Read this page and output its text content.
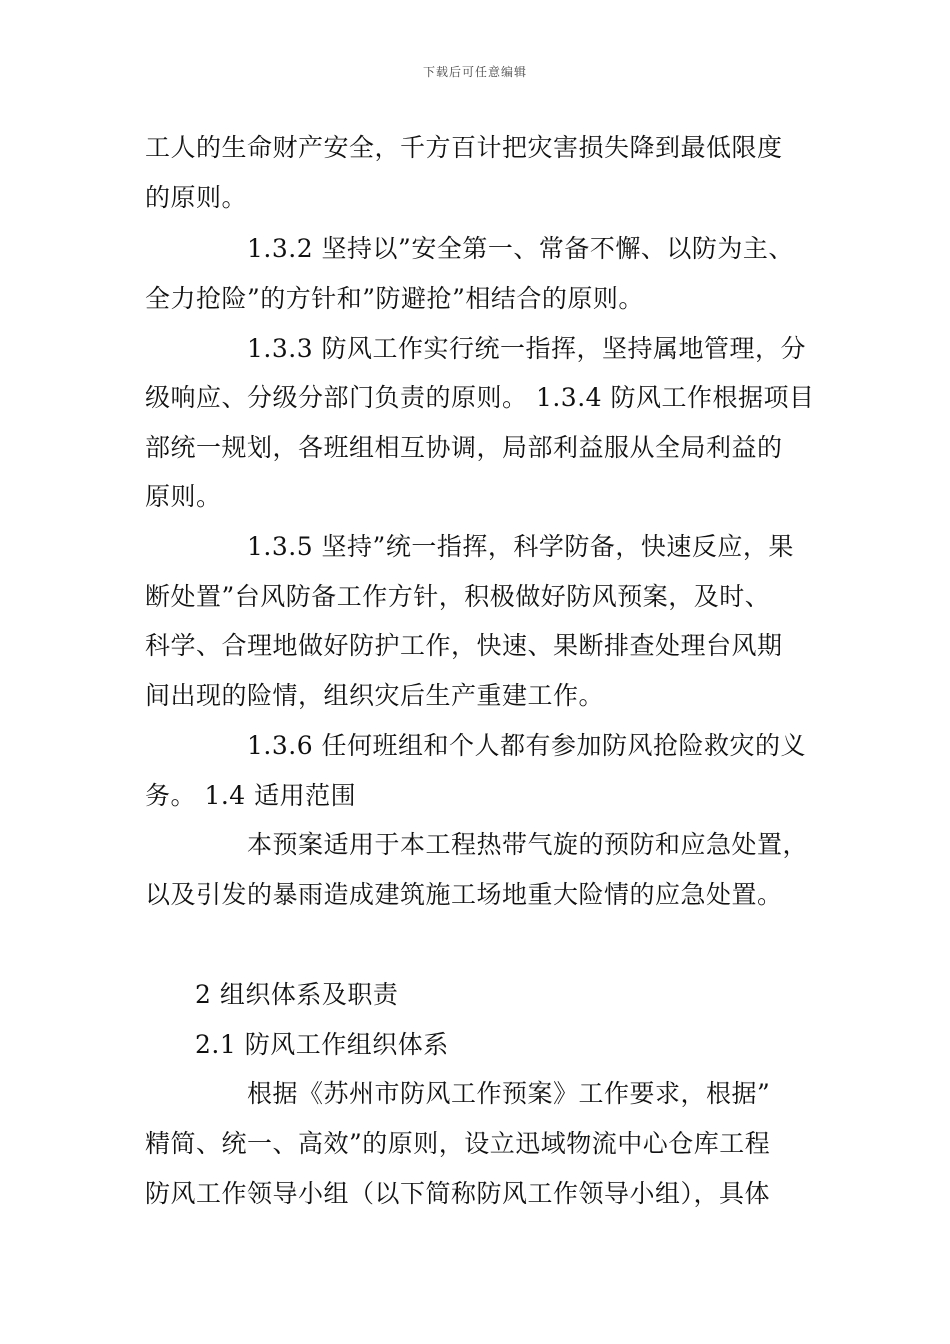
下载后可任意编辑
工人的生命财产安全，千方百计把灾害损失降到最低限度
的原则。
1.3.2 坚持以”安全第一、常备不懈、以防为主、
全力抢险”的方针和”防避抢”相结合的原则。
1.3.3 防风工作实行统一指挥，坚持属地管理，分
级响应、分级分部门负责的原则。 1.3.4 防风工作根据项目
部统一规划，各班组相互协调，局部利益服从全局利益的
原则。
1.3.5 坚持”统一指挥，科学防备，快速反应，果
断处置”台风防备工作方针，积极做好防风预案，及时、
科学、合理地做好防护工作，快速、果断排查处理台风期
间出现的险情，组织灾后生产重建工作。
1.3.6 任何班组和个人都有参加防风抢险救灾的义
务。 1.4 适用范围
本预案适用于本工程热带气旋的预防和应急处置，
以及引发的暴雨造成建筑施工场地重大险情的应急处置。
2 组织体系及职责
2.1 防风工作组织体系
根据《苏州市防风工作预案》工作要求，根据”
精简、统一、高效”的原则，设立迅域物流中心仓库工程
防风工作领导小组（以下简称防风工作领导小组），具体
